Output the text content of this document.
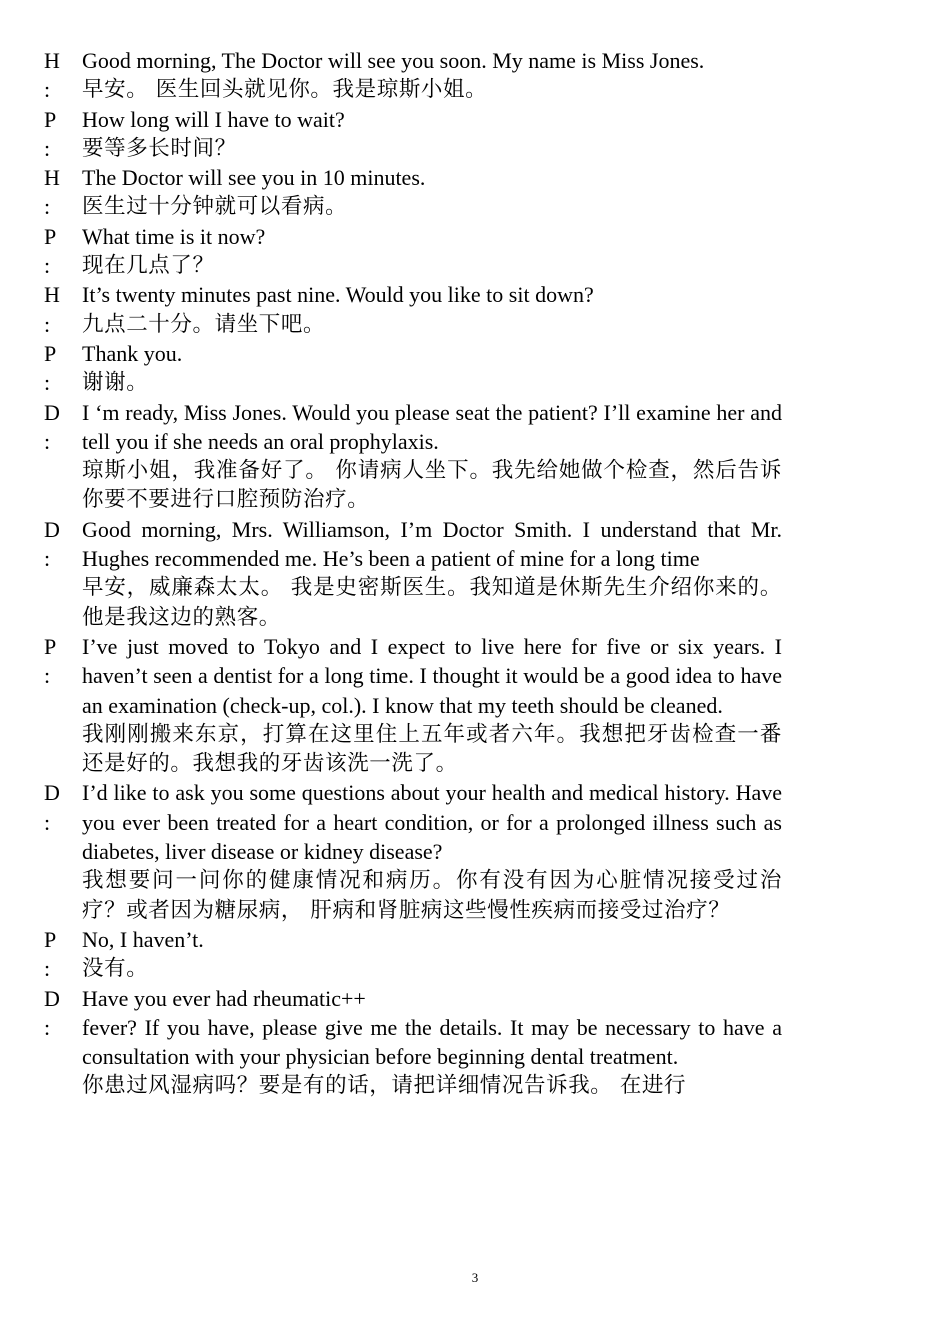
H
:
Good morning, The Doctor will see you soon. My name is Miss Jones.
早安。 医生回头就见你。我是琼斯小姐。
P
:
How long will I have to wait?
要等多长时间？
H
:
The Doctor will see you in 10 minutes.
医生过十分钟就可以看病。
P
:
What time is it now?
现在几点了？
H
:
It’s twenty minutes past nine. Would you like to sit down?
九点二十分。请坐下吧。
P
:
Thank you.
谢谢。
D
:
I ‘m ready, Miss Jones. Would you please seat the patient? I’ll examine her and tell you if she needs an oral prophylaxis.
琼斯小姐，我准备好了。 你请病人坐下。我先给她做个检查，然后告诉你要不要进行口腔预防治疗。
D
:
Good morning, Mrs. Williamson, I’m Doctor Smith. I understand that Mr. Hughes recommended me. He’s been a patient of mine for a long time
早安，威廉森太太。 我是史密斯医生。我知道是休斯先生介绍你来的。他是我这边的熟客。
P
:
I’ve just moved to Tokyo and I expect to live here for five or six years. I haven’t seen a dentist for a long time. I thought it would be a good idea to have an examination (check-up, col.). I know that my teeth should be cleaned.
我刚刚搬来东京，打算在这里住上五年或者六年。我想把牙齿检查一番还是好的。我想我的牙齿该洗一洗了。
D
:
I’d like to ask you some questions about your health and medical history. Have you ever been treated for a heart condition, or for a prolonged illness such as diabetes, liver disease or kidney disease?
我想要问一问你的健康情况和病历。你有没有因为心脏情况接受过治疗？或者因为糖尿病， 肝病和肾脏病这些慢性疾病而接受过治疗？
P
:
No, I haven’t.
没有。
D
:
Have you ever had rheumatic++
fever? If you have, please give me the details. It may be necessary to have a consultation with your physician before beginning dental treatment.
你患过风湿病吗？要是有的话，请把详细情况告诉我。 在进行
3
